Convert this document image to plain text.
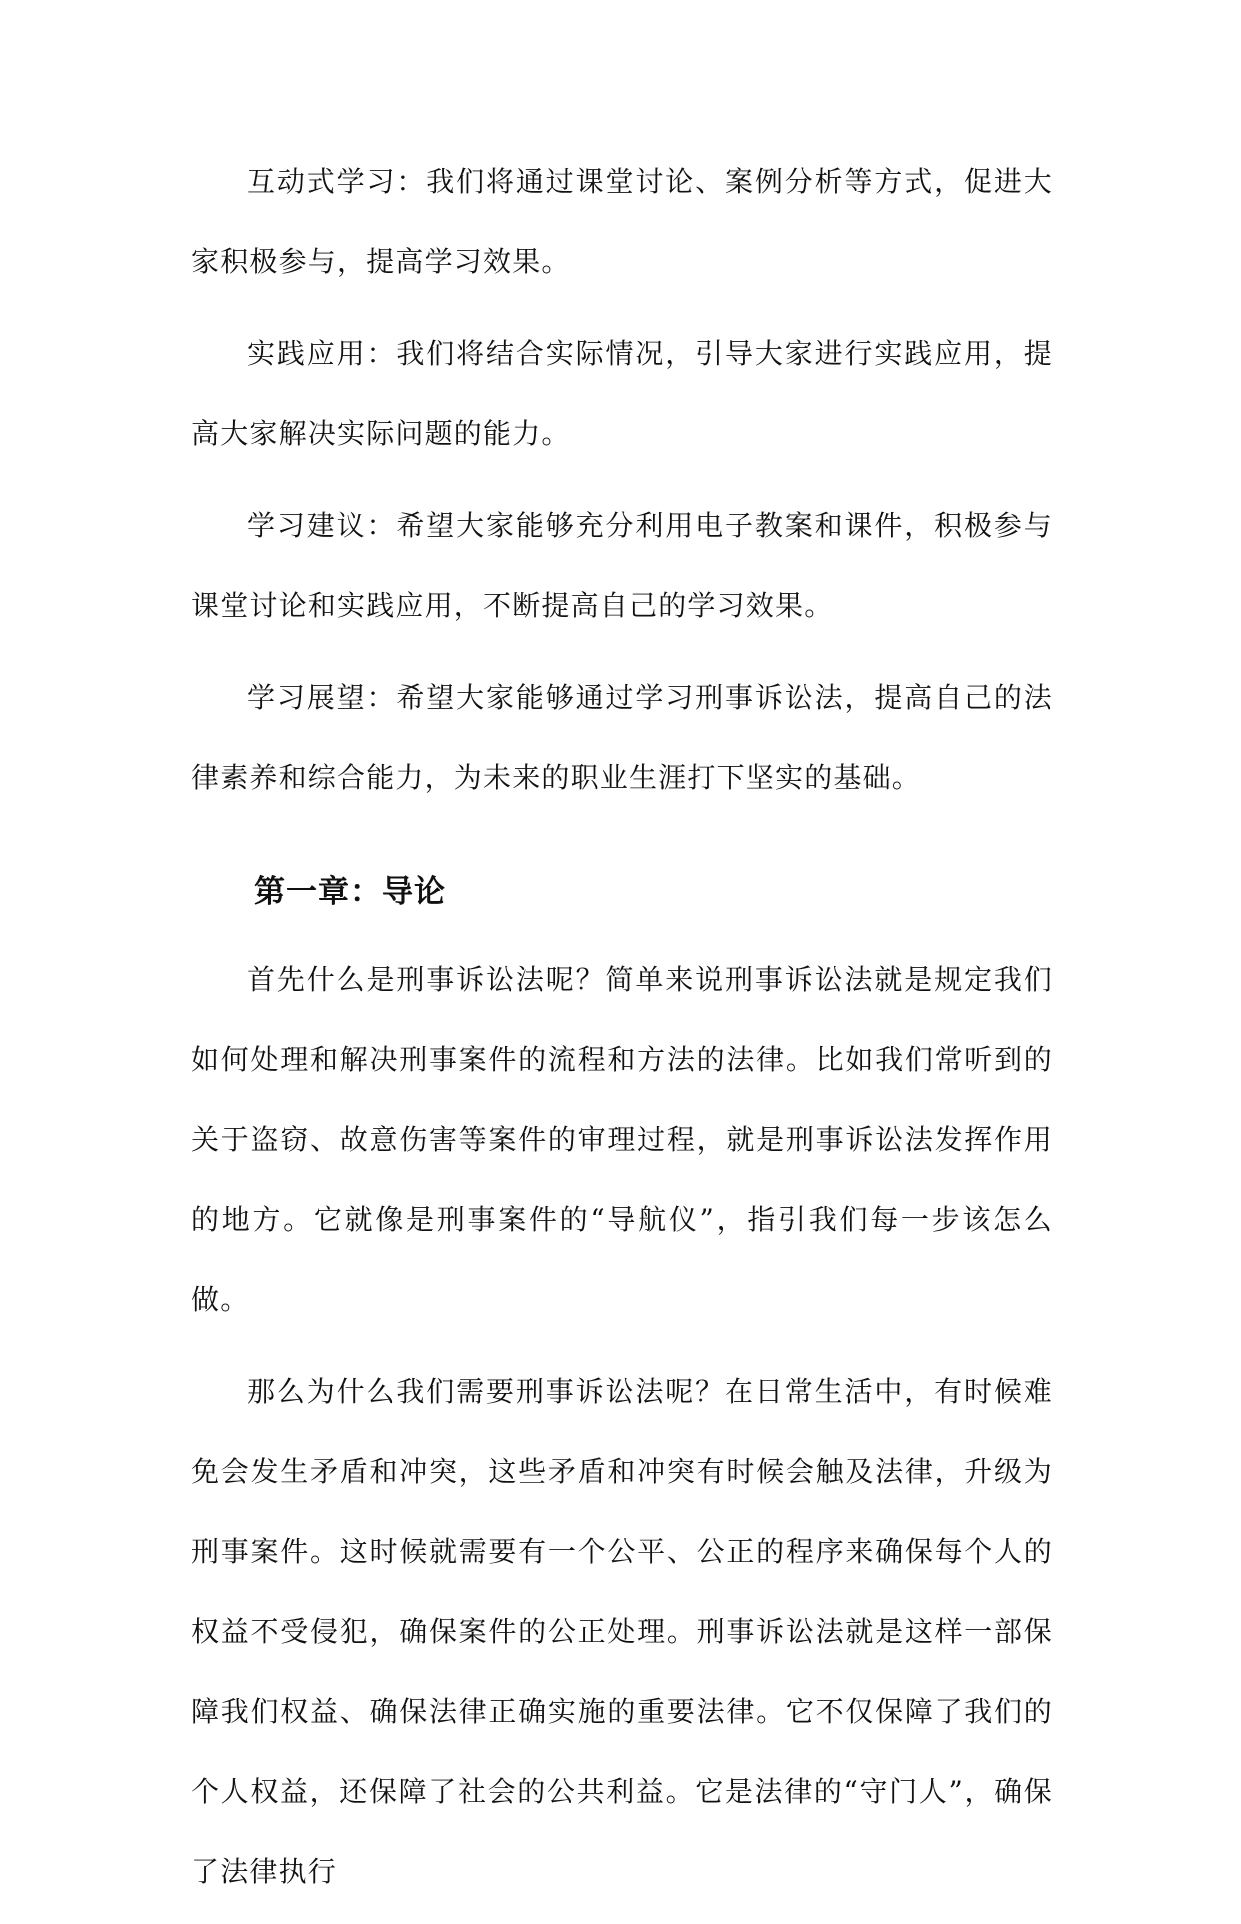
互动式学习：我们将通过课堂讨论、案例分析等方式，促进大家积极参与，提高学习效果。

实践应用：我们将结合实际情况，引导大家进行实践应用，提高大家解决实际问题的能力。

学习建议：希望大家能够充分利用电子教案和课件，积极参与课堂讨论和实践应用，不断提高自己的学习效果。

学习展望：希望大家能够通过学习刑事诉讼法，提高自己的法律素养和综合能力，为未来的职业生涯打下坚实的基础。

第一章：导论

首先什么是刑事诉讼法呢？简单来说刑事诉讼法就是规定我们如何处理和解决刑事案件的流程和方法的法律。比如我们常听到的关于盗窃、故意伤害等案件的审理过程，就是刑事诉讼法发挥作用的地方。它就像是刑事案件的“导航仪”，指引我们每一步该怎么做。

那么为什么我们需要刑事诉讼法呢？在日常生活中，有时候难免会发生矛盾和冲突，这些矛盾和冲突有时候会触及法律，升级为刑事案件。这时候就需要有一个公平、公正的程序来确保每个人的权益不受侵犯，确保案件的公正处理。刑事诉讼法就是这样一部保障我们权益、确保法律正确实施的重要法律。它不仅保障了我们的个人权益，还保障了社会的公共利益。它是法律的“守门人”，确保了法律执行
